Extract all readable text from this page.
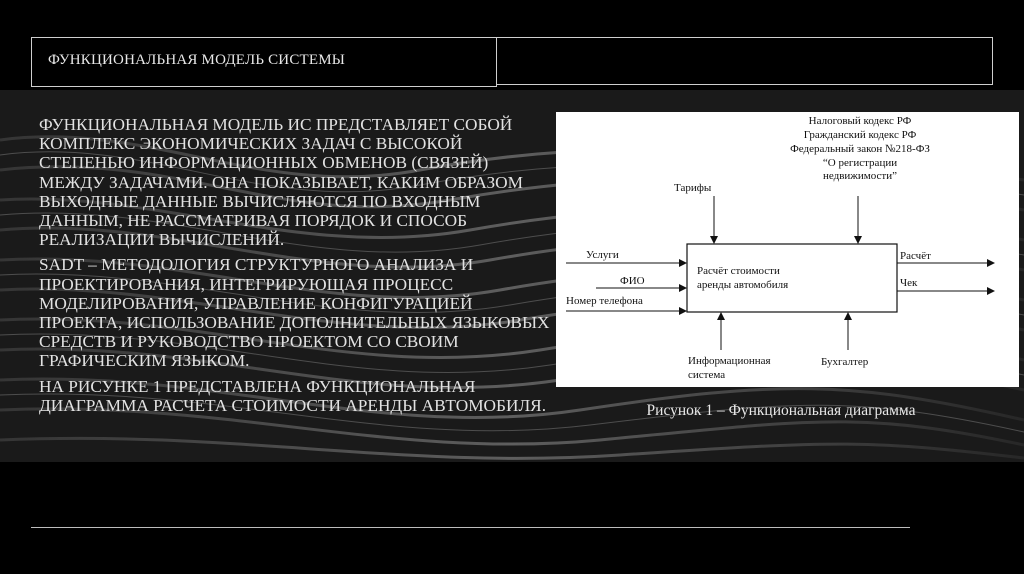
ФУНКЦИОНАЛЬНАЯ МОДЕЛЬ СИСТЕМЫ

ФУНКЦИОНАЛЬНАЯ МОДЕЛЬ ИС ПРЕДСТАВЛЯЕТ СОБОЙ КОМПЛЕКС ЭКОНОМИЧЕСКИХ ЗАДАЧ С ВЫСОКОЙ СТЕПЕНЬЮ ИНФОРМАЦИОННЫХ ОБМЕНОВ (СВЯЗЕЙ) МЕЖДУ ЗАДАЧАМИ. ОНА ПОКАЗЫВАЕТ, КАКИМ ОБРАЗОМ ВЫХОДНЫЕ ДАННЫЕ ВЫЧИСЛЯЮТСЯ ПО ВХОДНЫМ ДАННЫМ, НЕ РАССМАТРИВАЯ ПОРЯДОК И СПОСОБ РЕАЛИЗАЦИИ ВЫЧИСЛЕНИЙ.

SADT – МЕТОДОЛОГИЯ СТРУКТУРНОГО АНАЛИЗА И ПРОЕКТИРОВАНИЯ, ИНТЕГРИРУЮЩАЯ ПРОЦЕСС МОДЕЛИРОВАНИЯ, УПРАВЛЕНИЕ КОНФИГУРАЦИЕЙ ПРОЕКТА, ИСПОЛЬЗОВАНИЕ ДОПОЛНИТЕЛЬНЫХ ЯЗЫКОВЫХ СРЕДСТВ И РУКОВОДСТВО ПРОЕКТОМ СО СВОИМ ГРАФИЧЕСКИМ ЯЗЫКОМ.

НА РИСУНКЕ 1 ПРЕДСТАВЛЕНА ФУНКЦИОНАЛЬНАЯ ДИАГРАММА РАСЧЕТА СТОИМОСТИ АРЕНДЫ АВТОМОБИЛЯ.

Расчёт стоимости
аренды автомобиля
Налоговый кодекс РФ
Гражданский кодекс РФ
Федеральный закон №218-ФЗ
“О регистрации
недвижимости”
Тарифы
Услуги
ФИО
Номер телефона
Расчёт
Чек
Информационная
система
Бухгалтер
Рисунок 1 – Функциональная диаграмма
